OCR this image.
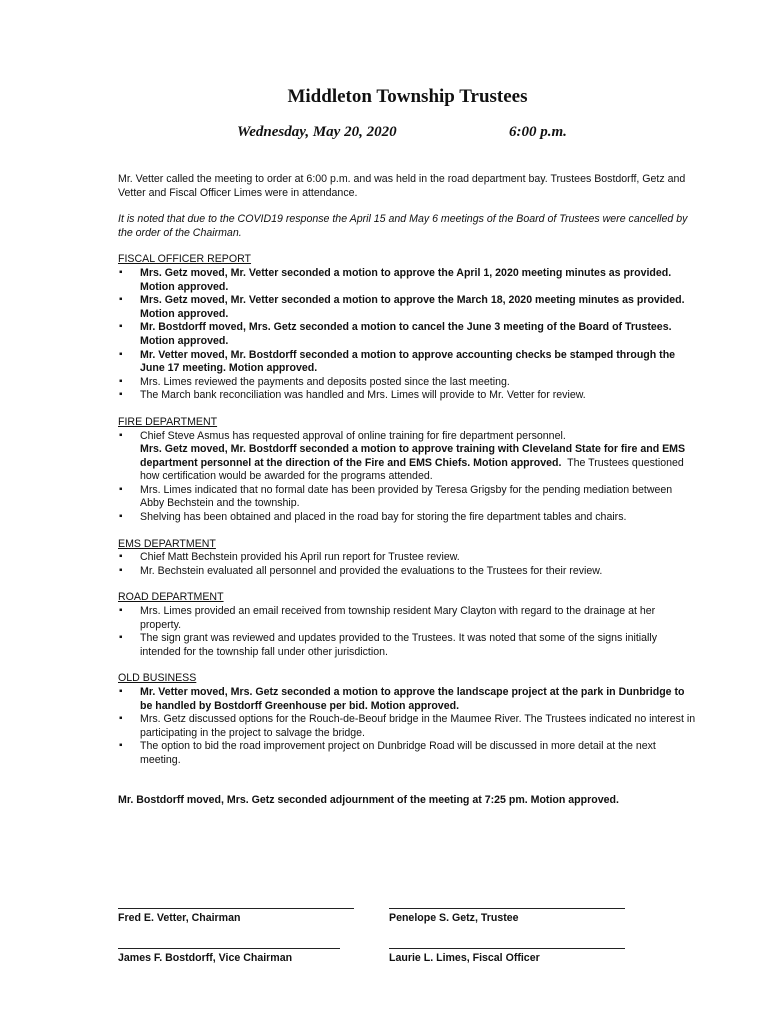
Middleton Township Trustees
Wednesday, May 20, 2020	6:00 p.m.

Mr. Vetter called the meeting to order at 6:00 p.m. and was held in the road department bay. Trustees Bostdorff, Getz and Vetter and Fiscal Officer Limes were in attendance.

It is noted that due to the COVID19 response the April 15 and May 6 meetings of the Board of Trustees were cancelled by the order of the Chairman.

FISCAL OFFICER REPORT
▪ Mrs. Getz moved, Mr. Vetter seconded a motion to approve the April 1, 2020 meeting minutes as provided. Motion approved.
▪ Mrs. Getz moved, Mr. Vetter seconded a motion to approve the March 18, 2020 meeting minutes as provided. Motion approved.
▪ Mr. Bostdorff moved, Mrs. Getz seconded a motion to cancel the June 3 meeting of the Board of Trustees. Motion approved.
▪ Mr. Vetter moved, Mr. Bostdorff seconded a motion to approve accounting checks be stamped through the June 17 meeting. Motion approved.
▪ Mrs. Limes reviewed the payments and deposits posted since the last meeting.
▪ The March bank reconciliation was handled and Mrs. Limes will provide to Mr. Vetter for review.
FIRE DEPARTMENT
▪ Chief Steve Asmus has requested approval of online training for fire department personnel.
Mrs. Getz moved, Mr. Bostdorff seconded a motion to approve training with Cleveland State for fire and EMS department personnel at the direction of the Fire and EMS Chiefs. Motion approved. The Trustees questioned how certification would be awarded for the programs attended.
▪ Mrs. Limes indicated that no formal date has been provided by Teresa Grigsby for the pending mediation between Abby Bechstein and the township.
▪ Shelving has been obtained and placed in the road bay for storing the fire department tables and chairs.
EMS DEPARTMENT
▪ Chief Matt Bechstein provided his April run report for Trustee review.
▪ Mr. Bechstein evaluated all personnel and provided the evaluations to the Trustees for their review.
ROAD DEPARTMENT
▪ Mrs. Limes provided an email received from township resident Mary Clayton with regard to the drainage at her property.
▪ The sign grant was reviewed and updates provided to the Trustees. It was noted that some of the signs initially intended for the township fall under other jurisdiction.
OLD BUSINESS
▪ Mr. Vetter moved, Mrs. Getz seconded a motion to approve the landscape project at the park in Dunbridge to be handled by Bostdorff Greenhouse per bid. Motion approved.
▪ Mrs. Getz discussed options for the Rouch-de-Beouf bridge in the Maumee River. The Trustees indicated no interest in participating in the project to salvage the bridge.
▪ The option to bid the road improvement project on Dunbridge Road will be discussed in more detail at the next meeting.

Mr. Bostdorff moved, Mrs. Getz seconded adjournment of the meeting at 7:25 pm. Motion approved.

Fred E. Vetter, Chairman	Penelope S. Getz, Trustee
James F. Bostdorff, Vice Chairman	Laurie L. Limes, Fiscal Officer
